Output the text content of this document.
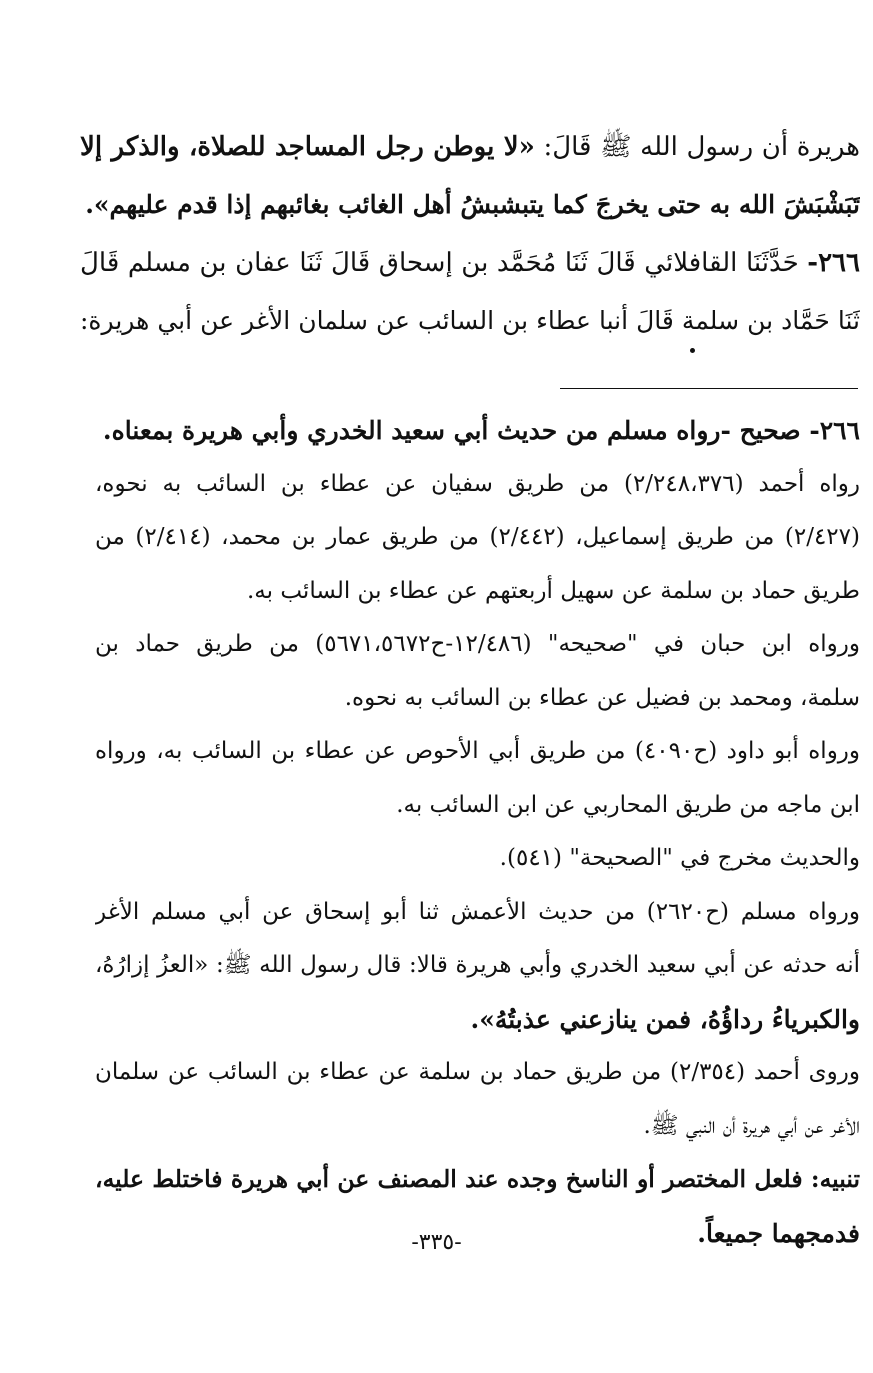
هريرة أن رسول الله ﷺ قَالَ: «لا يوطن رجل المساجد للصلاة، والذكر إلا
تَبَشْبَشَ الله به حتى يخرجَ كما يتبشبشُ أهل الغائب بغائبهم إذا قدم عليهم».
٢٦٦- حَدَّثَنَا القافلائي قَالَ ثَنَا مُحَمَّد بن إسحاق قَالَ ثَنَا عفان بن مسلم قَالَ
ثَنَا حَمَّاد بن سلمة قَالَ أنبا عطاء بن السائب عن سلمان الأغر عن أبي هريرة:
٢٦٦- صحيح -رواه مسلم من حديث أبي سعيد الخدري وأبي هريرة بمعناه.
رواه أحمد (٢/٢٤٨،٣٧٦) من طريق سفيان عن عطاء بن السائب به نحوه،
(٢/٤٢٧) من طريق إسماعيل، (٢/٤٤٢) من طريق عمار بن محمد، (٢/٤١٤) من
طريق حماد بن سلمة عن سهيل أربعتهم عن عطاء بن السائب به.
ورواه ابن حبان في "صحيحه" (١٢/٤٨٦-ح٥٦٧١،٥٦٧٢) من طريق حماد بن
سلمة، ومحمد بن فضيل عن عطاء بن السائب به نحوه.
ورواه أبو داود (ح٤٠٩٠) من طريق أبي الأحوص عن عطاء بن السائب به، ورواه
ابن ماجه من طريق المحاربي عن ابن السائب به.
والحديث مخرج في "الصحيحة" (٥٤١).
ورواه مسلم (ح٢٦٢٠) من حديث الأعمش ثنا أبو إسحاق عن أبي مسلم الأغر
أنه حدثه عن أبي سعيد الخدري وأبي هريرة قالا: قال رسول الله ﷺ: «العزُ إزارُهُ،
والكبرياءُ رداؤُهُ، فمن ينازعني عذبتُهُ».
وروى أحمد (٢/٣٥٤) من طريق حماد بن سلمة عن عطاء بن السائب عن سلمان
الأغر عن أبي هريرة أن النبي ﷺ.
تنبيه: فلعل المختصر أو الناسخ وجده عند المصنف عن أبي هريرة فاختلط عليه،
فدمجهما جميعاً.
-٣٣٥-
